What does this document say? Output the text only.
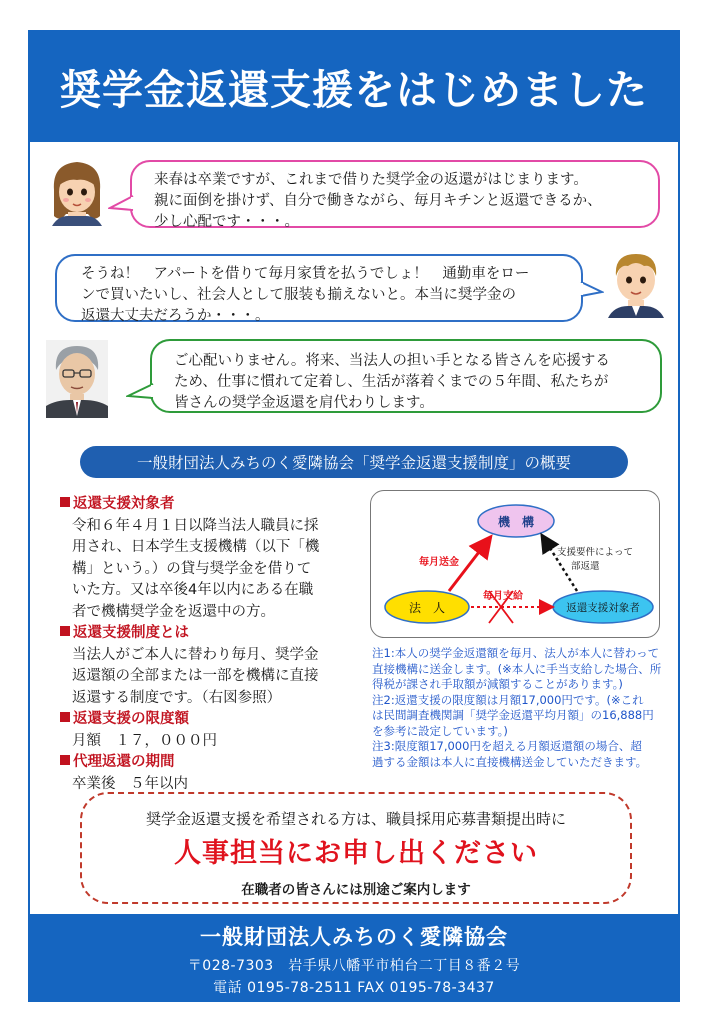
奨学金返還支援をはじめました

来春は卒業ですが、これまで借りた奨学金の返還がはじまります。

親に面倒を掛けず、自分で働きながら、毎月キチンと返還できるか、

少し心配です・・・。

そうね！　アパートを借りて毎月家賃を払うでしょ！　通勤車をロー

ンで買いたいし、社会人として服装も揃えないと。本当に奨学金の

返還大丈夫だろうか・・・。

ご心配いりません。将来、当法人の担い手となる皆さんを応援する

ため、仕事に慣れて定着し、生活が落着くまでの５年間、私たちが

皆さんの奨学金返還を肩代わりします。

一般財団法人みちのく愛隣協会「奨学金返還支援制度」の概要
返還支援対象者
令和６年４月１日以降当法人職員に採
用され、日本学生支援機構（以下「機
構」という。）の貸与奨学金を借りて
いた方。又は卒後4年以内にある在職
者で機構奨学金を返還中の方。
返還支援制度とは
当法人がご本人に替わり毎月、奨学金
返還額の全部または一部を機構に直接
返還する制度です。（右図参照）
返還支援の限度額
月額　１７，０００円
代理返還の期間
卒業後　５年以内
機　構
法　人	返還支援対象者
毎月送金
支援要件によって
部返還
毎月支給

注1:本人の奨学金返還額を毎月、法人が本人に替わって

直接機構に送金します。(※本人に手当支給した場合、所

得税が課され手取額が減額することがあります。)

注2:返還支援の限度額は月額17,000円です。(※これ

は民間調査機関調「奨学金返還平均月額」の16,888円

を参考に設定しています。)

注3:限度額17,000円を超える月額返還額の場合、超

過する金額は本人に直接機構送金していただきます。

奨学金返還支援を希望される方は、職員採用応募書類提出時に
人事担当にお申し出ください
在職者の皆さんには別途ご案内します
一般財団法人みちのく愛隣協会
〒028-7303　岩手県八幡平市柏台二丁目８番２号
電話 0195-78-2511 FAX 0195-78-3437
